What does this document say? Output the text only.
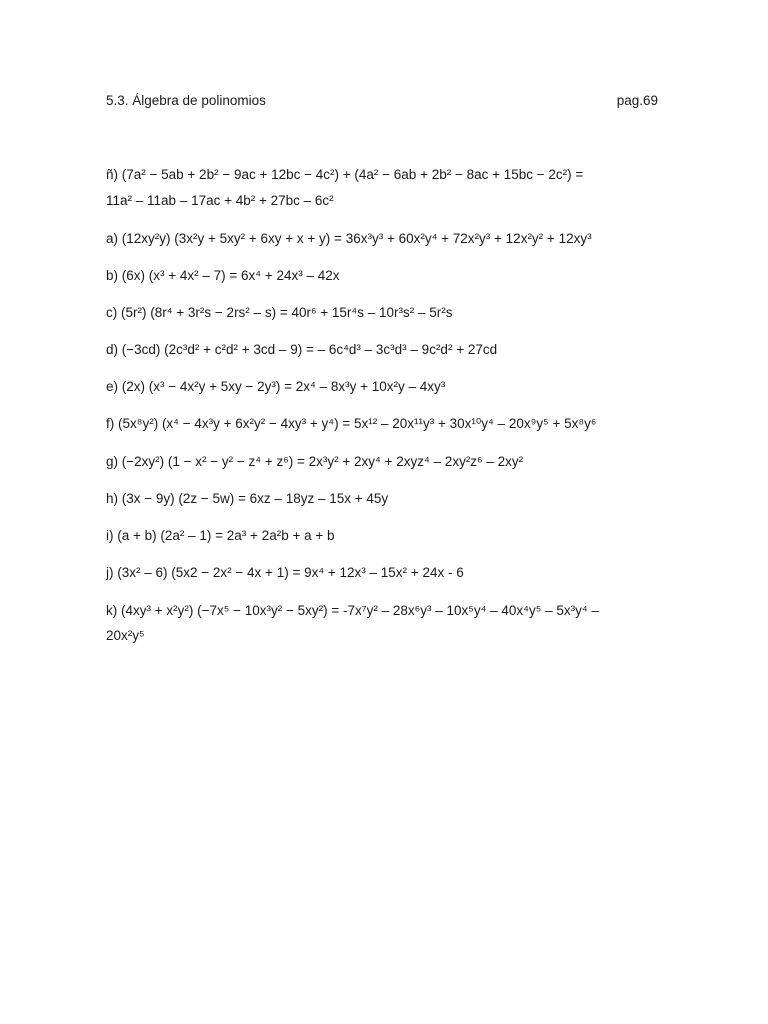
5.3. Álgebra de polinomios	pag.69
ñ) (7a² − 5ab + 2b² − 9ac + 12bc − 4c²) + (4a² − 6ab + 2b² − 8ac + 15bc − 2c²) =
11a² – 11ab – 17ac + 4b² + 27bc – 6c²
a) (12xy²y) (3x²y + 5xy² + 6xy + x + y) = 36x³y³ + 60x²y⁴ + 72x²y³ + 12x²y² + 12xy³
b) (6x) (x³ + 4x² – 7) = 6x⁴ + 24x³ – 42x
c) (5r²) (8r⁴ + 3r²s − 2rs² – s) = 40r⁶ + 15r⁴s – 10r³s² – 5r²s
d) (−3cd) (2c³d² + c²d² + 3cd – 9) = – 6c⁴d³ – 3c³d³ – 9c²d² + 27cd
e) (2x) (x³ − 4x²y + 5xy − 2y³) = 2x⁴ – 8x³y + 10x²y – 4xy³
f) (5x⁸y²) (x⁴ − 4x³y + 6x²y² − 4xy³ + y⁴) = 5x¹² – 20x¹¹y³ + 30x¹⁰y⁴ – 20x⁹y⁵ + 5x⁸y⁶
g) (−2xy²) (1 − x² − y² − z⁴ + z⁶) = 2x³y² + 2xy⁴ + 2xyz⁴ – 2xy²z⁶ – 2xy²
h) (3x − 9y) (2z − 5w) = 6xz – 18yz – 15x + 45y
i) (a + b) (2a² – 1) = 2a³ + 2a²b + a + b
j) (3x² – 6) (5x2 − 2x² − 4x + 1) = 9x⁴ + 12x³ – 15x² + 24x - 6
k) (4xy³ + x²y²) (−7x⁵ − 10x³y² − 5xy²) = -7x⁷y² – 28x⁶y³ – 10x⁵y⁴ – 40x⁴y⁵ – 5x³y⁴ –
20x²y⁵
